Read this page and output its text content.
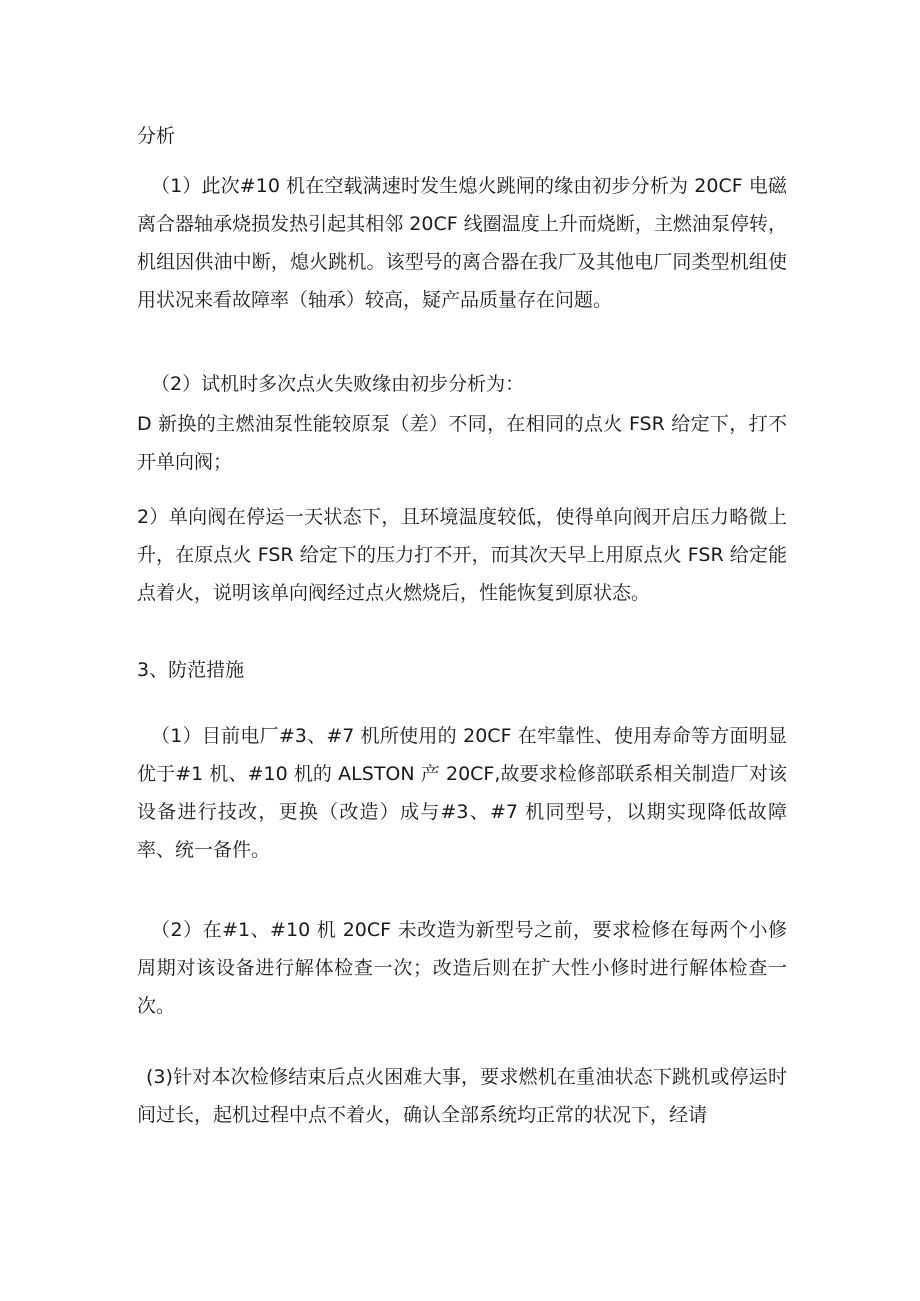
分析

（1）此次#10 机在空载满速时发生熄火跳闸的缘由初步分析为 20CF 电磁离合器轴承烧损发热引起其相邻 20CF 线圈温度上升而烧断，主燃油泵停转，机组因供油中断，熄火跳机。该型号的离合器在我厂及其他电厂同类型机组使用状况来看故障率（轴承）较高，疑产品质量存在问题。

（2）试机时多次点火失败缘由初步分析为：

D 新换的主燃油泵性能较原泵（差）不同，在相同的点火 FSR 给定下，打不开单向阀；

2）单向阀在停运一天状态下，且环境温度较低，使得单向阀开启压力略微上升，在原点火 FSR 给定下的压力打不开，而其次天早上用原点火 FSR 给定能点着火，说明该单向阀经过点火燃烧后，性能恢复到原状态。

3、防范措施

（1）目前电厂#3、#7 机所使用的 20CF 在牢靠性、使用寿命等方面明显优于#1 机、#10 机的 ALSTON 产 20CF,故要求检修部联系相关制造厂对该设备进行技改，更换（改造）成与#3、#7 机同型号，以期实现降低故障率、统一备件。

（2）在#1、#10 机 20CF 未改造为新型号之前，要求检修在每两个小修周期对该设备进行解体检查一次；改造后则在扩大性小修时进行解体检查一次。

(3)针对本次检修结束后点火困难大事，要求燃机在重油状态下跳机或停运时间过长，起机过程中点不着火，确认全部系统均正常的状况下，经请
